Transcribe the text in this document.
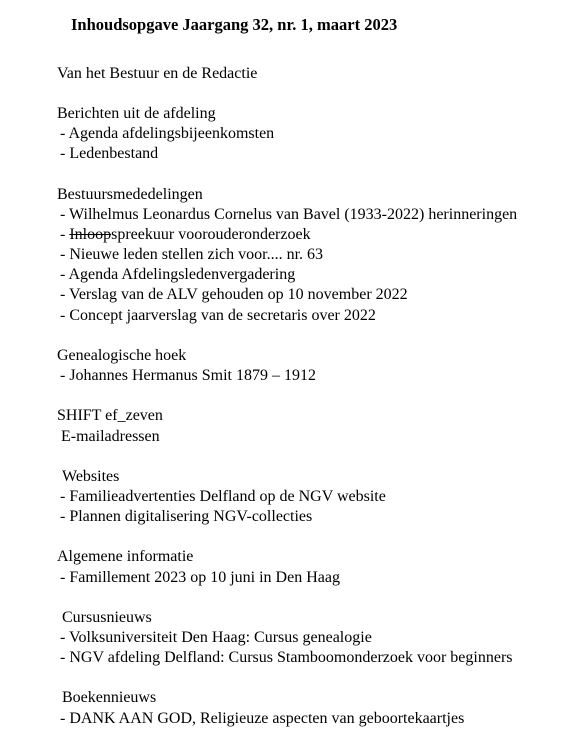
Inhoudsopgave Jaargang 32, nr. 1, maart 2023
Van het Bestuur en de Redactie
Berichten uit de afdeling
- Agenda afdelingsbijeenkomsten
- Ledenbestand
Bestuursmededelingen
- Wilhelmus Leonardus Cornelus van Bavel (1933-2022) herinneringen
- Inloopspreekuur voorouderonderzoek
- Nieuwe leden stellen zich voor.... nr. 63
- Agenda Afdelingsledenvergadering
- Verslag van de ALV gehouden op 10 november 2022
- Concept jaarverslag van de secretaris over 2022
Genealogische hoek
- Johannes Hermanus Smit 1879 – 1912
SHIFT ef_zeven
E-mailadressen
Websites
- Familieadvertenties Delfland op de NGV website
- Plannen digitalisering NGV-collecties
Algemene informatie
- Famillement 2023 op 10 juni in Den Haag
Cursusnieuws
- Volksuniversiteit Den Haag: Cursus genealogie
- NGV afdeling Delfland: Cursus Stamboomonderzoek voor beginners
Boekennieuws
- DANK AAN GOD, Religieuze aspecten van geboortekaartjes
